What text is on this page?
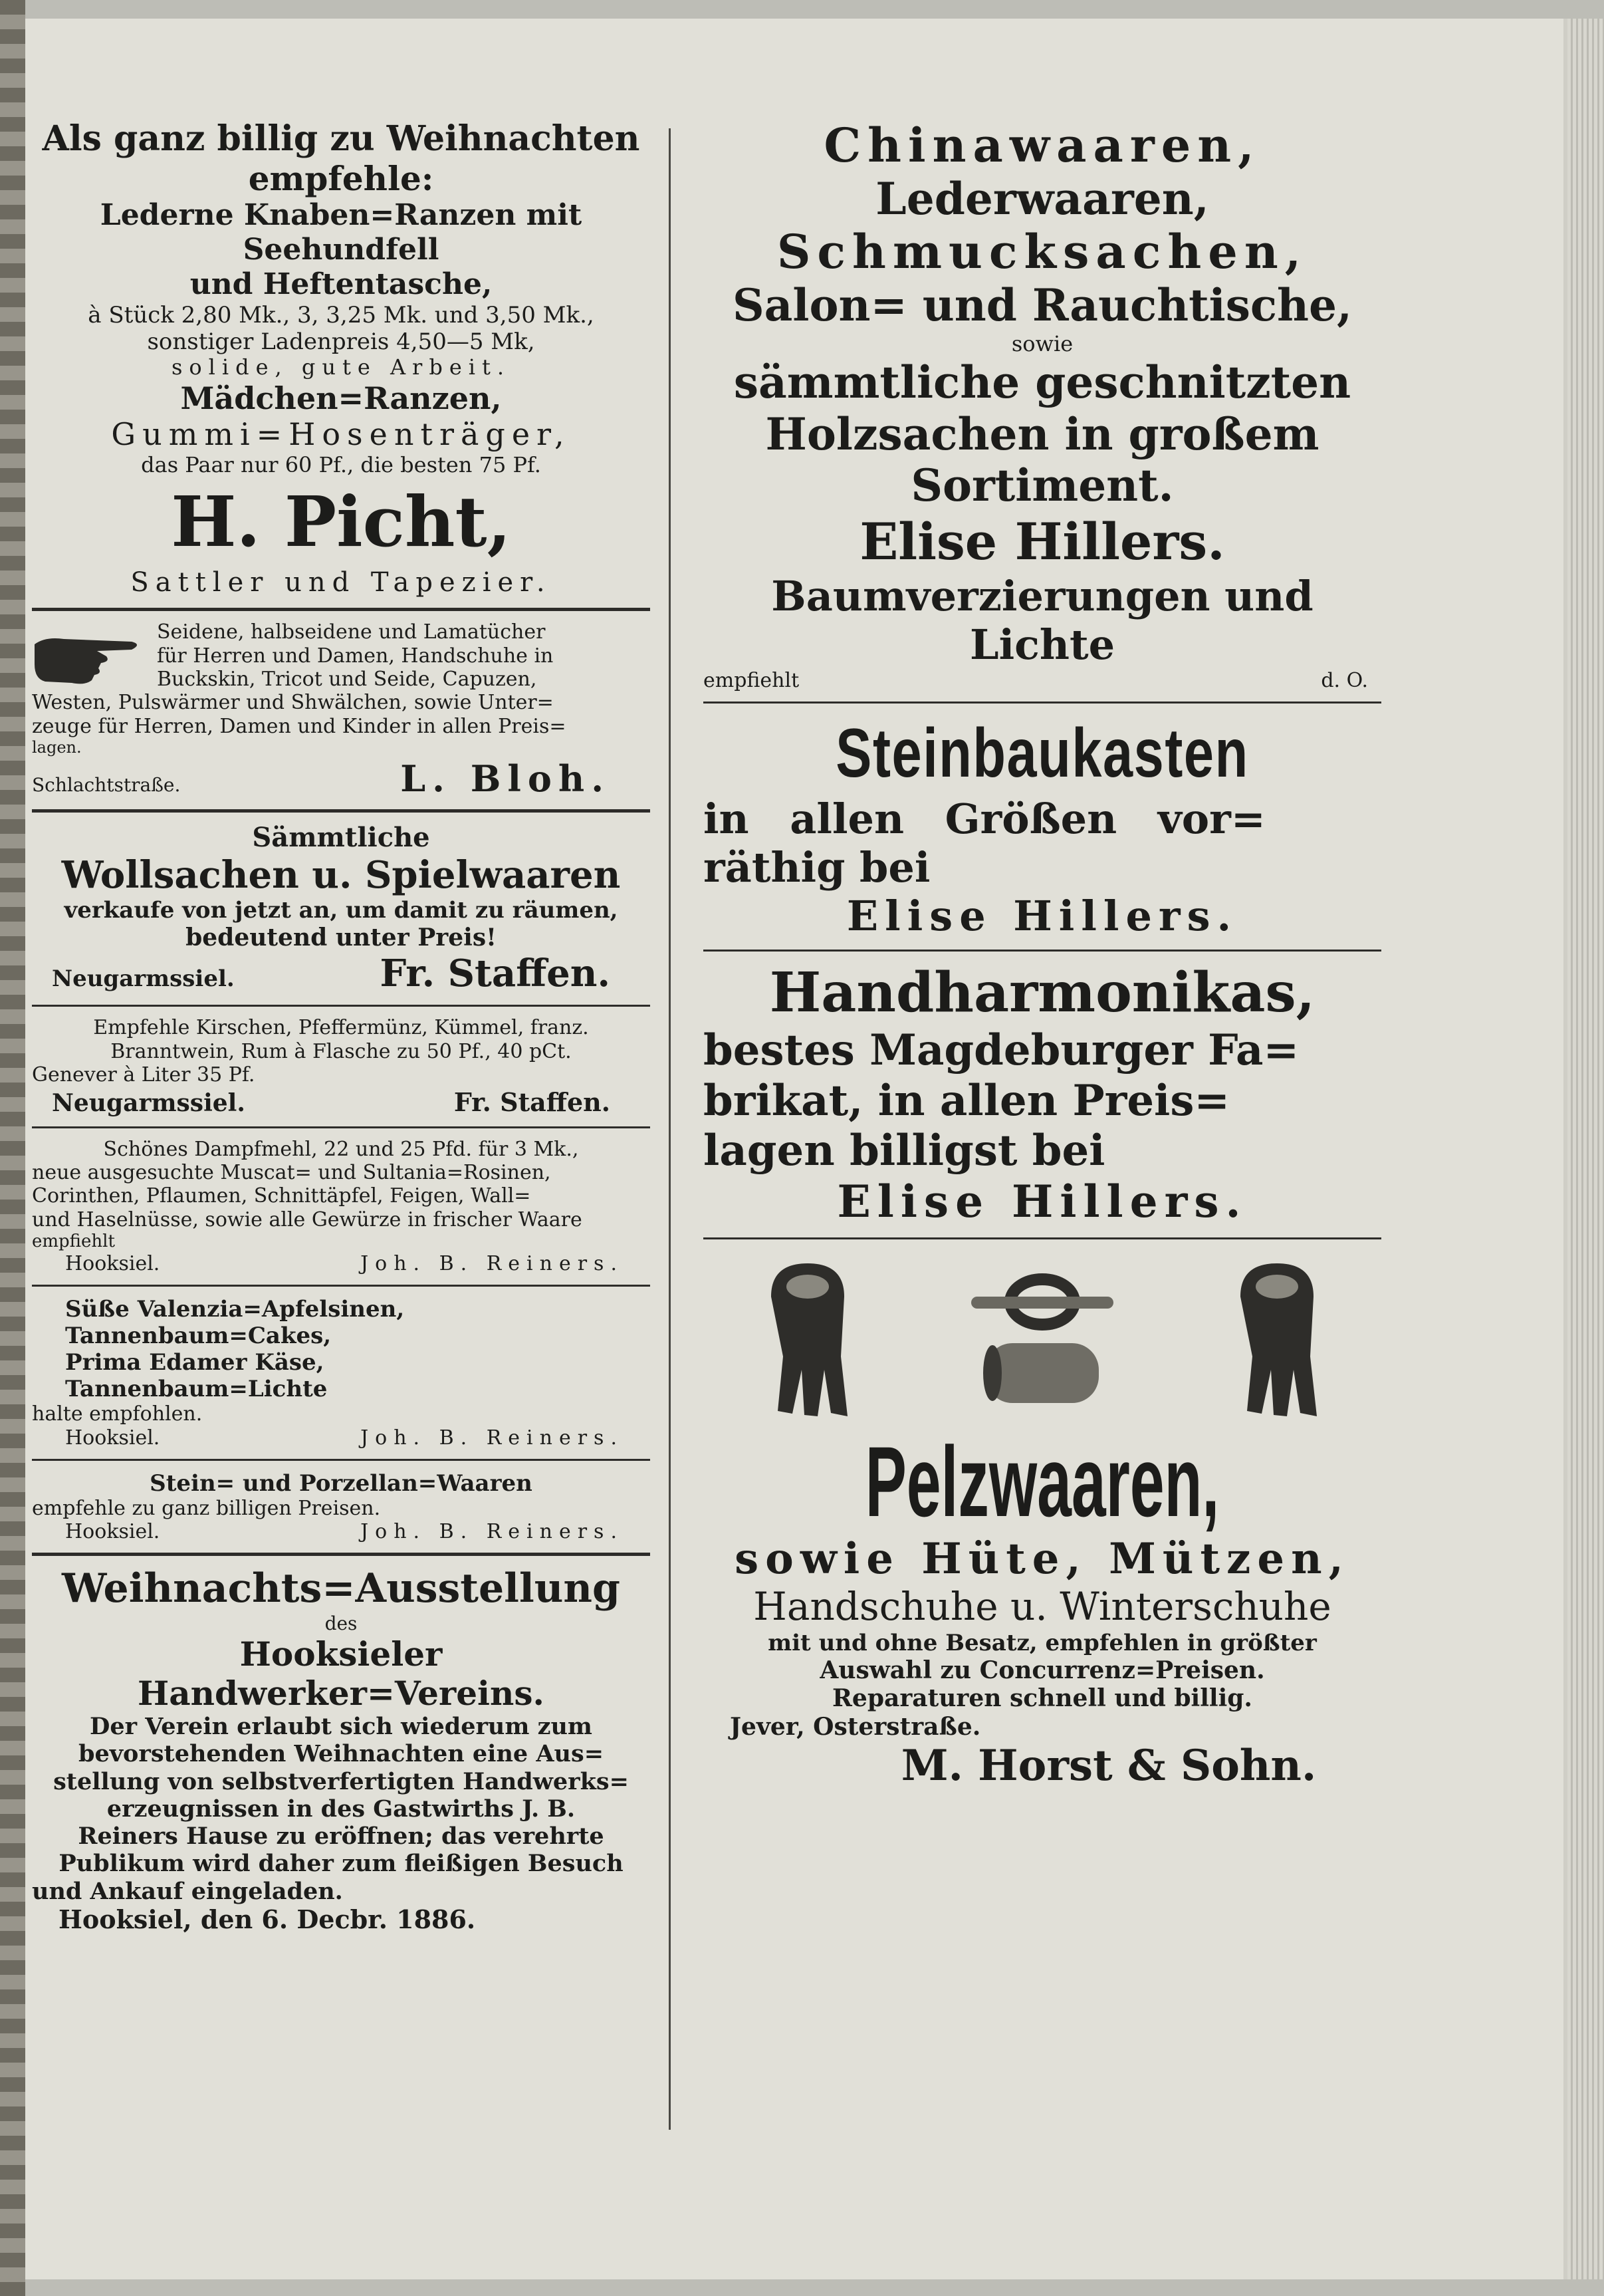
Als ganz billig zu Weihnachten

empfehle:

Lederne Knaben=Ranzen mit Seehundfell

und Heftentasche,

à Stück 2,80 Mk., 3, 3,25 Mk. und 3,50 Mk.,

sonstiger Ladenpreis 4,50—5 Mk,

solide, gute Arbeit.

Mädchen=Ranzen,

Gummi=Hosenträger,

das Paar nur 60 Pf., die besten 75 Pf.

H. Picht,

Sattler und Tapezier.

Seidene, halbseidene und Lamatücher

für Herren und Damen, Handschuhe in

Buckskin, Tricot und Seide, Capuzen,

Westen, Pulswärmer und Shwälchen, sowie Unter=

zeuge für Herren, Damen und Kinder in allen Preis=

lagen.

Schlachtstraße.	L. Bloh.

Sämmtliche

Wollsachen u. Spielwaaren

verkaufe von jetzt an, um damit zu räumen,

bedeutend unter Preis!

Neugarmssiel.	Fr. Staffen.

Empfehle Kirschen, Pfeffermünz, Kümmel, franz.

Branntwein, Rum à Flasche zu 50 Pf., 40 pCt.

Genever à Liter 35 Pf.

Neugarmssiel.	Fr. Staffen.

Schönes Dampfmehl, 22 und 25 Pfd. für 3 Mk.,

neue ausgesuchte Muscat= und Sultania=Rosinen,

Corinthen, Pflaumen, Schnittäpfel, Feigen, Wall=

und Haselnüsse, sowie alle Gewürze in frischer Waare

empfiehlt

Hooksiel.	Joh. B. Reiners.

Süße Valenzia=Apfelsinen,

Tannenbaum=Cakes,

Prima Edamer Käse,

Tannenbaum=Lichte

halte empfohlen.

Hooksiel.	Joh. B. Reiners.

Stein= und Porzellan=Waaren

empfehle zu ganz billigen Preisen.

Hooksiel.	Joh. B. Reiners.

Weihnachts=Ausstellung

des

Hooksieler Handwerker=Vereins.

Der Verein erlaubt sich wiederum zum

bevorstehenden Weihnachten eine Aus=

stellung von selbstverfertigten Handwerks=

erzeugnissen in des Gastwirths J. B.

Reiners Hause zu eröffnen; das verehrte

Publikum wird daher zum fleißigen Besuch

und Ankauf eingeladen.

Hooksiel, den 6. Decbr. 1886.

Chinawaaren,

Lederwaaren,

Schmucksachen,

Salon= und Rauchtische,

sowie

sämmtliche geschnitzten

Holzsachen in großem

Sortiment.

Elise Hillers.

Baumverzierungen und

Lichte

empfiehlt	d. O.

Steinbaukasten

in allen Größen vor=

räthig bei

Elise Hillers.

Handharmonikas,

bestes Magdeburger Fa=

brikat, in allen Preis=

lagen billigst bei

Elise Hillers.

Pelzwaaren,

sowie Hüte, Mützen,

Handschuhe u. Winterschuhe

mit und ohne Besatz, empfehlen in größter

Auswahl zu Concurrenz=Preisen.

Reparaturen schnell und billig.

Jever, Osterstraße.

M. Horst & Sohn.
